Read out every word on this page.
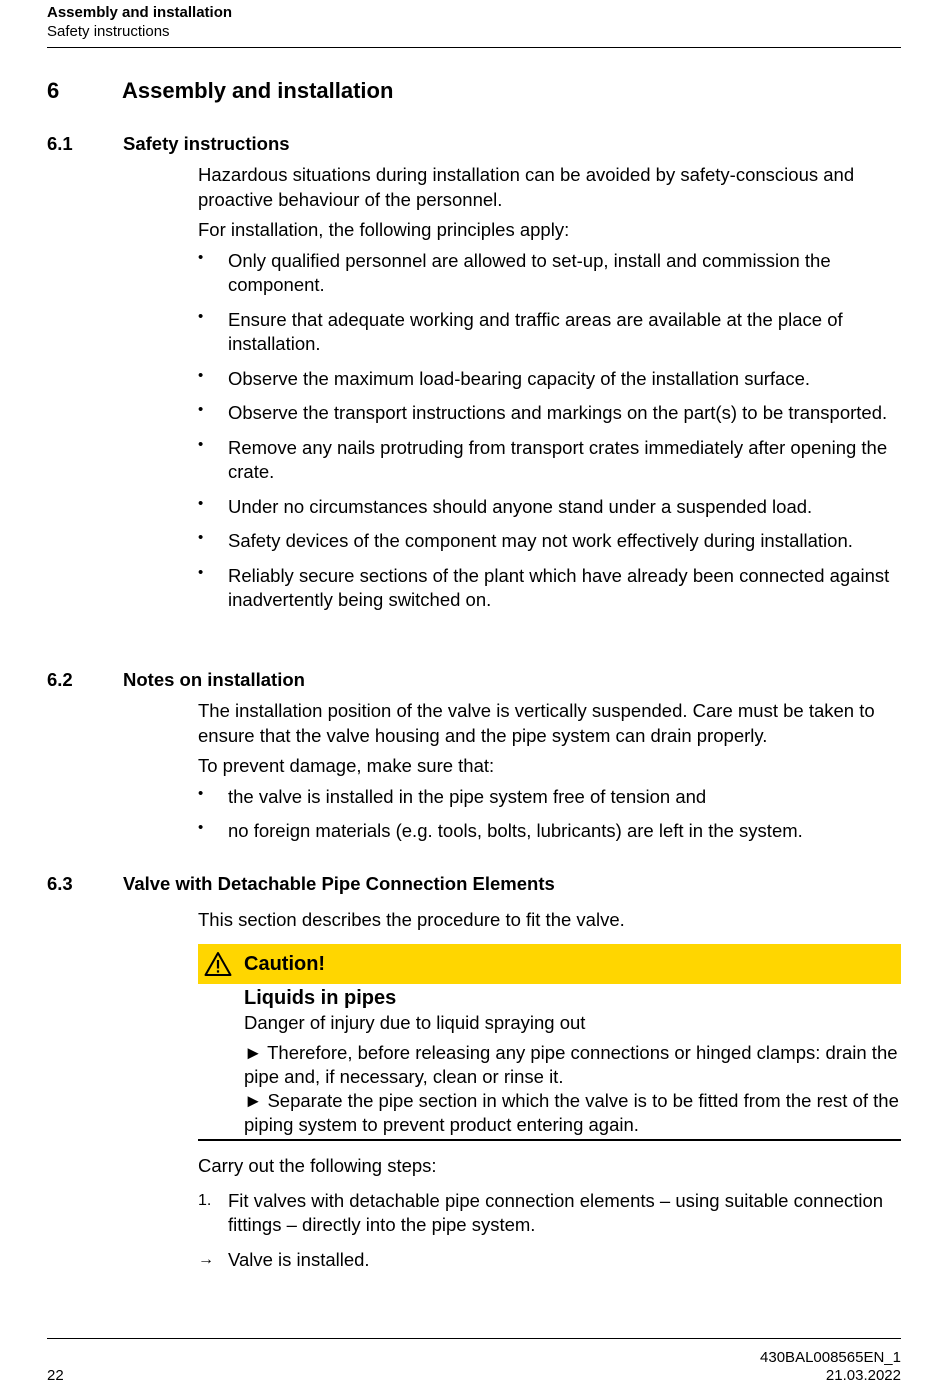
Assembly and installation
Safety instructions
6	Assembly and installation
6.1	Safety instructions

Hazardous situations during installation can be avoided by safety-conscious and proactive behaviour of the personnel.

For installation, the following principles apply:

• Only qualified personnel are allowed to set-up, install and commission the component.
• Ensure that adequate working and traffic areas are available at the place of installation.
• Observe the maximum load-bearing capacity of the installation surface.
• Observe the transport instructions and markings on the part(s) to be transported.
• Remove any nails protruding from transport crates immediately after opening the crate.
• Under no circumstances should anyone stand under a suspended load.
• Safety devices of the component may not work effectively during installation.
• Reliably secure sections of the plant which have already been connected against inadvertently being switched on.
6.2	Notes on installation

The installation position of the valve is vertically suspended. Care must be taken to ensure that the valve housing and the pipe system can drain properly.

To prevent damage, make sure that:

• the valve is installed in the pipe system free of tension and
• no foreign materials (e.g. tools, bolts, lubricants) are left in the system.
6.3	Valve with Detachable Pipe Connection Elements

This section describes the procedure to fit the valve.

Caution!

Liquids in pipes

Danger of injury due to liquid spraying out

► Therefore, before releasing any pipe connections or hinged clamps: drain the pipe and, if necessary, clean or rinse it.

► Separate the pipe section in which the valve is to be fitted from the rest of the piping system to prevent product entering again.

Carry out the following steps:

1. Fit valves with detachable pipe connection elements – using suitable connection fittings – directly into the pipe system.
→ Valve is installed.
22
430BAL008565EN_1
21.03.2022
